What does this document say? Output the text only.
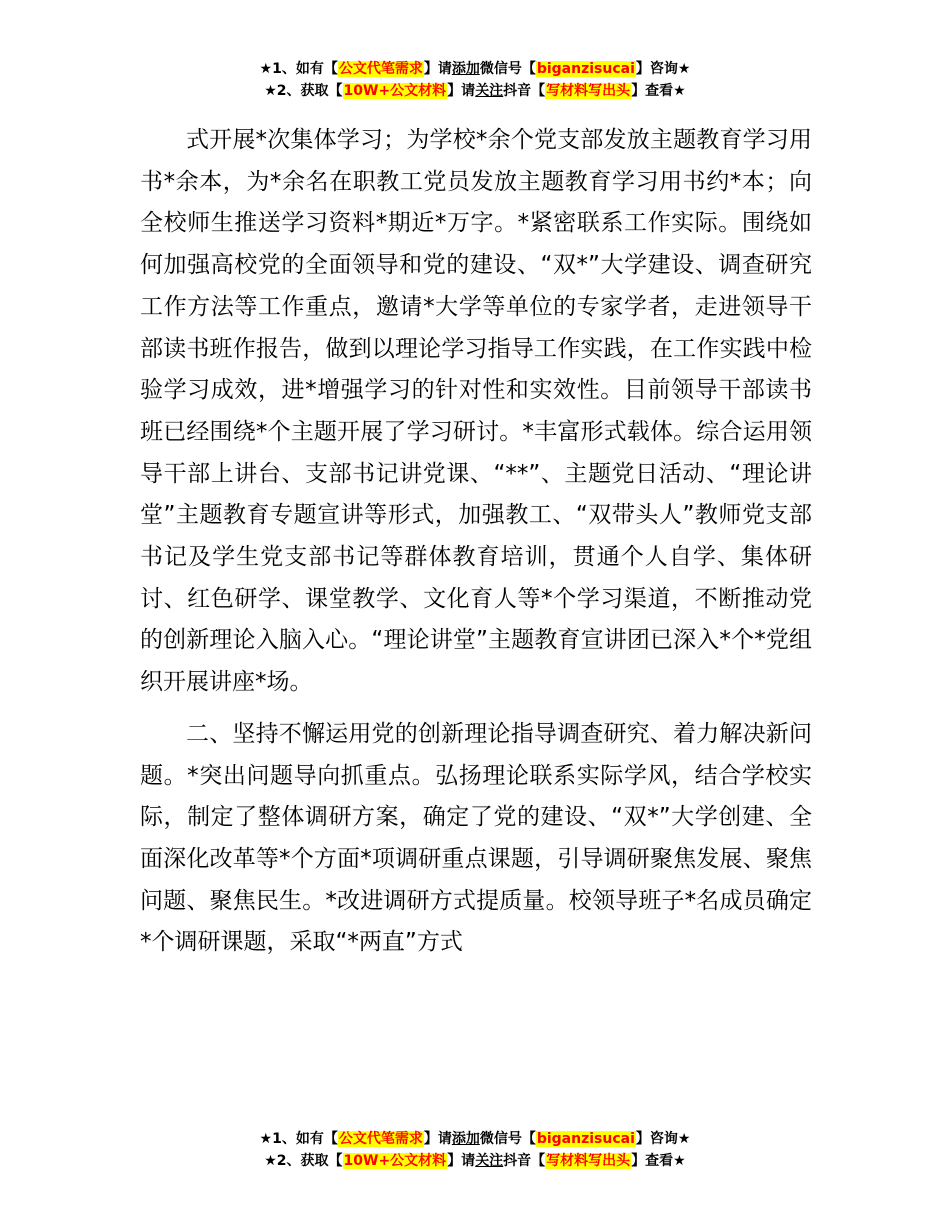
★1、如有【公文代笔需求】请添加微信号【biganzisucai】咨询★
★2、获取【10W+公文材料】请关注抖音【写材料写出头】查看★

式开展*次集体学习；为学校*余个党支部发放主题教育学习用书*余本，为*余名在职教工党员发放主题教育学习用书约*本；向全校师生推送学习资料*期近*万字。*紧密联系工作实际。围绕如何加强高校党的全面领导和党的建设、“双*”大学建设、调查研究工作方法等工作重点，邀请*大学等单位的专家学者，走进领导干部读书班作报告，做到以理论学习指导工作实践，在工作实践中检验学习成效，进*增强学习的针对性和实效性。目前领导干部读书班已经围绕*个主题开展了学习研讨。*丰富形式载体。综合运用领导干部上讲台、支部书记讲党课、“**”、主题党日活动、“理论讲堂”主题教育专题宣讲等形式，加强教工、“双带头人”教师党支部书记及学生党支部书记等群体教育培训，贯通个人自学、集体研讨、红色研学、课堂教学、文化育人等*个学习渠道，不断推动党的创新理论入脑入心。“理论讲堂”主题教育宣讲团已深入*个*党组织开展讲座*场。

二、坚持不懈运用党的创新理论指导调查研究、着力解决新问题。*突出问题导向抓重点。弘扬理论联系实际学风，结合学校实际，制定了整体调研方案，确定了党的建设、“双*”大学创建、全面深化改革等*个方面*项调研重点课题，引导调研聚焦发展、聚焦问题、聚焦民生。*改进调研方式提质量。校领导班子*名成员确定*个调研课题，采取“*两直”方式

★1、如有【公文代笔需求】请添加微信号【biganzisucai】咨询★
★2、获取【10W+公文材料】请关注抖音【写材料写出头】查看★
